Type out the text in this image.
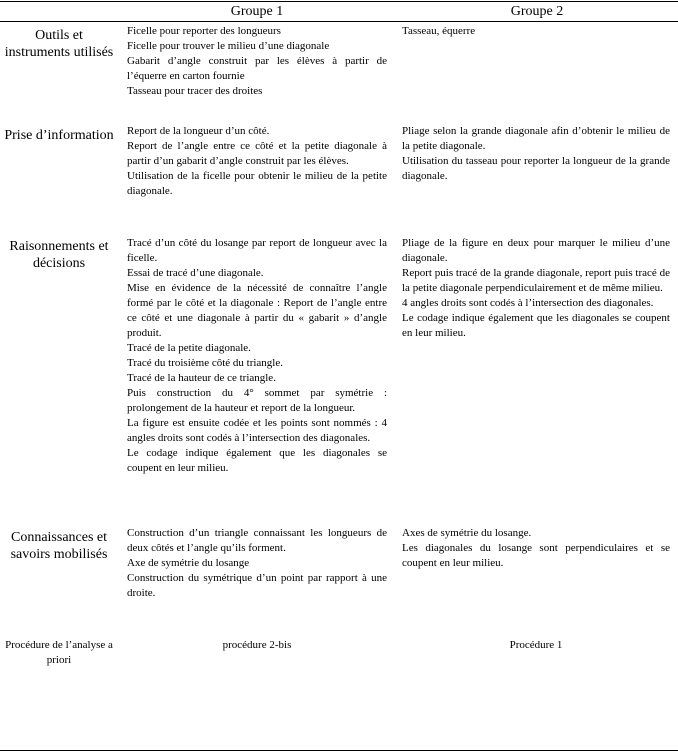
Groupe 1	Groupe 2
Outils et instruments utilisés

Ficelle pour reporter des longueurs

Ficelle pour trouver le milieu d’une diagonale

Gabarit d’angle construit par les élèves à partir de l’équerre en carton fournie

Tasseau pour tracer des droites

Tasseau, équerre

Prise d’information Report de la longueur d’un côté.

Report de l’angle entre ce côté et la petite diagonale à partir d’un gabarit d’angle construit par les élèves.

Utilisation de la ficelle pour obtenir le milieu de la petite diagonale.

Pliage selon la grande diagonale afin d’obtenir le milieu de la petite diagonale.

Utilisation du tasseau pour reporter la longueur de la grande diagonale.

Raisonnements et décisions

Tracé d’un côté du losange par report de longueur avec la ficelle.

Essai de tracé d’une diagonale.

Mise en évidence de la nécessité de connaître l’angle formé par le côté et la diagonale : Report de l’angle entre ce côté et une diagonale à partir du « gabarit » d’angle produit.

Tracé de la petite diagonale.

Tracé du troisième côté du triangle.

Tracé de la hauteur de ce triangle.

Puis construction du 4° sommet par symétrie : prolongement de la hauteur et report de la longueur.

La figure est ensuite codée et les points sont nommés : 4 angles droits sont codés à l’intersection des diagonales.

Le codage indique également que les diagonales se coupent en leur milieu.

Pliage de la figure en deux pour marquer le milieu d’une diagonale.

Report puis tracé de la grande diagonale, report puis tracé de la petite diagonale perpendiculairement et de même milieu.

4 angles droits sont codés à l’intersection des diagonales.

Le codage indique également que les diagonales se coupent en leur milieu.

Connaissances et savoirs mobilisés

Construction d’un triangle connaissant les longueurs de deux côtés et l’angle qu’ils forment.

Axe de symétrie du losange

Construction du symétrique d’un point par rapport à une droite.

Axes de symétrie du losange.

Les diagonales du losange sont perpendiculaires et se coupent en leur milieu.

Procédure de l’analyse a priori
procédure 2-bis	Procédure 1
